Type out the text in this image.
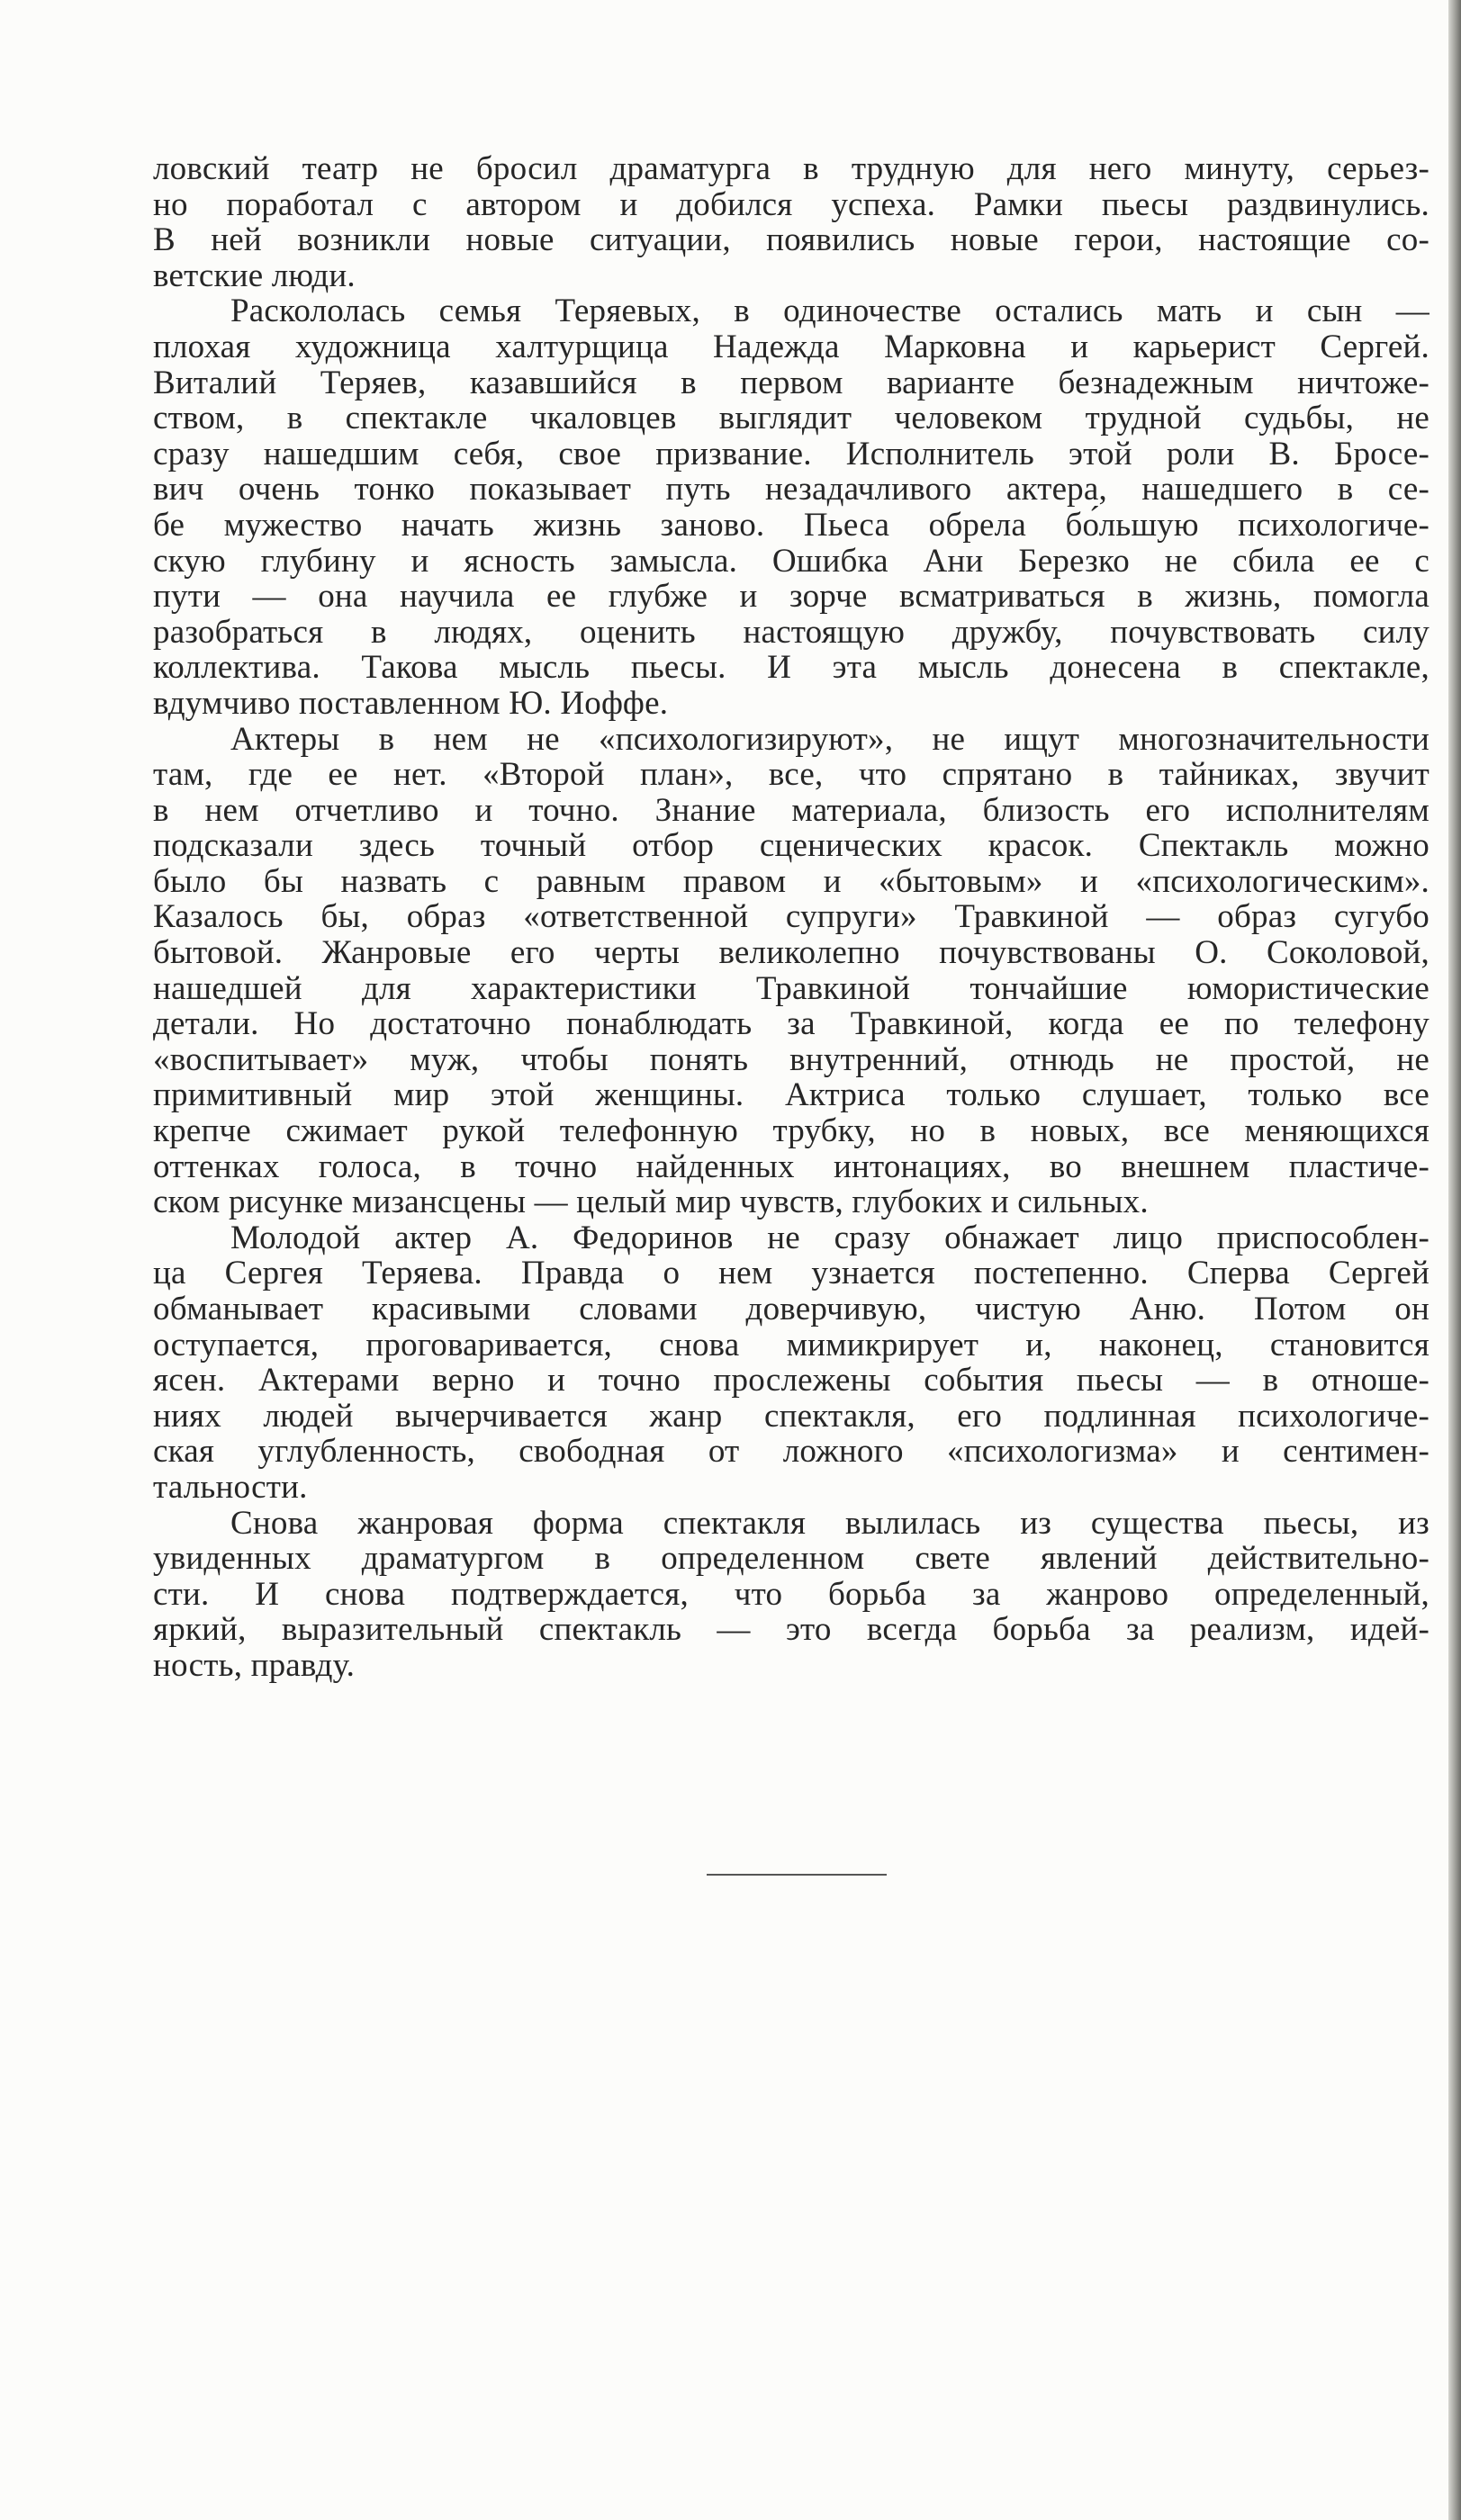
ловский театр не бросил драматурга в трудную для него минуту, серьез-
но поработал с автором и добился успеха. Рамки пьесы раздвинулись.
В ней возникли новые ситуации, появились новые герои, настоящие со-
ветские люди.
Раскололась семья Теряевых, в одиночестве остались мать и сын —
плохая художница халтурщица Надежда Марковна и карьерист Сергей.
Виталий Теряев, казавшийся в первом варианте безнадежным ничтоже-
ством, в спектакле чкаловцев выглядит человеком трудной судьбы, не
сразу нашедшим себя, свое призвание. Исполнитель этой роли В. Бросе-
вич очень тонко показывает путь незадачливого актера, нашедшего в се-
бе мужество начать жизнь заново. Пьеса обрела бо́льшую психологиче-
скую глубину и ясность замысла. Ошибка Ани Березко не сбила ее с
пути — она научила ее глубже и зорче всматриваться в жизнь, помогла
разобраться в людях, оценить настоящую дружбу, почувствовать силу
коллектива. Такова мысль пьесы. И эта мысль донесена в спектакле,
вдумчиво поставленном Ю. Иоффе.
Актеры в нем не «психологизируют», не ищут многозначительности
там, где ее нет. «Второй план», все, что спрятано в тайниках, звучит
в нем отчетливо и точно. Знание материала, близость его исполнителям
подсказали здесь точный отбор сценических красок. Спектакль можно
было бы назвать с равным правом и «бытовым» и «психологическим».
Казалось бы, образ «ответственной супруги» Травкиной — образ сугубо
бытовой. Жанровые его черты великолепно почувствованы О. Соколовой,
нашедшей для характеристики Травкиной тончайшие юмористические
детали. Но достаточно понаблюдать за Травкиной, когда ее по телефону
«воспитывает» муж, чтобы понять внутренний, отнюдь не простой, не
примитивный мир этой женщины. Актриса только слушает, только все
крепче сжимает рукой телефонную трубку, но в новых, все меняющихся
оттенках голоса, в точно найденных интонациях, во внешнем пластиче-
ском рисунке мизансцены — целый мир чувств, глубоких и сильных.
Молодой актер А. Федоринов не сразу обнажает лицо приспособлен-
ца Сергея Теряева. Правда о нем узнается постепенно. Сперва Сергей
обманывает красивыми словами доверчивую, чистую Аню. Потом он
оступается, проговаривается, снова мимикрирует и, наконец, становится
ясен. Актерами верно и точно прослежены события пьесы — в отноше-
ниях людей вычерчивается жанр спектакля, его подлинная психологиче-
ская углубленность, свободная от ложного «психологизма» и сентимен-
тальности.
Снова жанровая форма спектакля вылилась из существа пьесы, из
увиденных драматургом в определенном свете явлений действительно-
сти. И снова подтверждается, что борьба за жанрово определенный,
яркий, выразительный спектакль — это всегда борьба за реализм, идей-
ность, правду.
